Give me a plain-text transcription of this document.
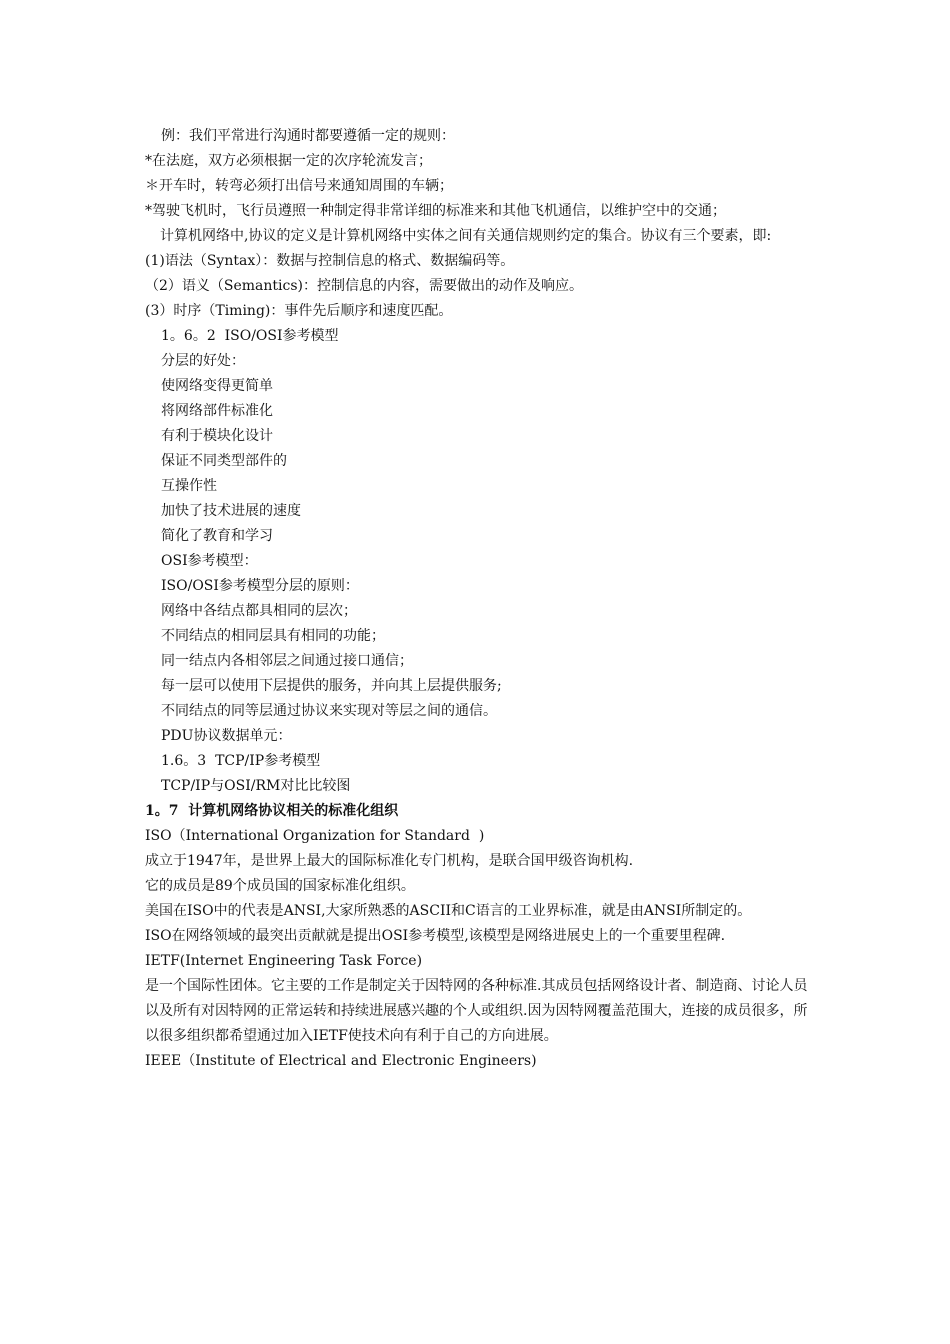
例：我们平常进行沟通时都要遵循一定的规则：

*在法庭，双方必须根据一定的次序轮流发言；

＊开车时，转弯必须打出信号来通知周围的车辆；

*驾驶飞机时，飞行员遵照一种制定得非常详细的标准来和其他飞机通信，以维护空中的交通；

计算机网络中,协议的定义是计算机网络中实体之间有关通信规则约定的集合。协议有三个要素，即:

(1)语法（Syntax）：数据与控制信息的格式、数据编码等。

（2）语义（Semantics)：控制信息的内容，需要做出的动作及响应。

(3）时序（Timing)：事件先后顺序和速度匹配。

1。6。2  ISO/OSI参考模型

分层的好处：

使网络变得更简单

将网络部件标准化

有利于模块化设计

保证不同类型部件的

互操作性

加快了技术进展的速度

简化了教育和学习

OSI参考模型：

ISO/OSI参考模型分层的原则：

网络中各结点都具相同的层次；

不同结点的相同层具有相同的功能；

同一结点内各相邻层之间通过接口通信；

每一层可以使用下层提供的服务，并向其上层提供服务;

不同结点的同等层通过协议来实现对等层之间的通信。

PDU协议数据单元：

1.6。3  TCP/IP参考模型

TCP/IP与OSI/RM对比比较图

1。7  计算机网络协议相关的标准化组织

ISO（International Organization for Standard  )

成立于1947年，是世界上最大的国际标准化专门机构，是联合国甲级咨询机构.

它的成员是89个成员国的国家标准化组织。

美国在ISO中的代表是ANSI,大家所熟悉的ASCII和C语言的工业界标准，就是由ANSI所制定的。

ISO在网络领域的最突出贡献就是提出OSI参考模型,该模型是网络进展史上的一个重要里程碑.

IETF(Internet Engineering Task Force)

是一个国际性团体。它主要的工作是制定关于因特网的各种标准.其成员包括网络设计者、制造商、讨论人员以及所有对因特网的正常运转和持续进展感兴趣的个人或组织.因为因特网覆盖范围大，连接的成员很多，所以很多组织都希望通过加入IETF使技术向有利于自己的方向进展。

IEEE（Institute of Electrical and Electronic Engineers)
